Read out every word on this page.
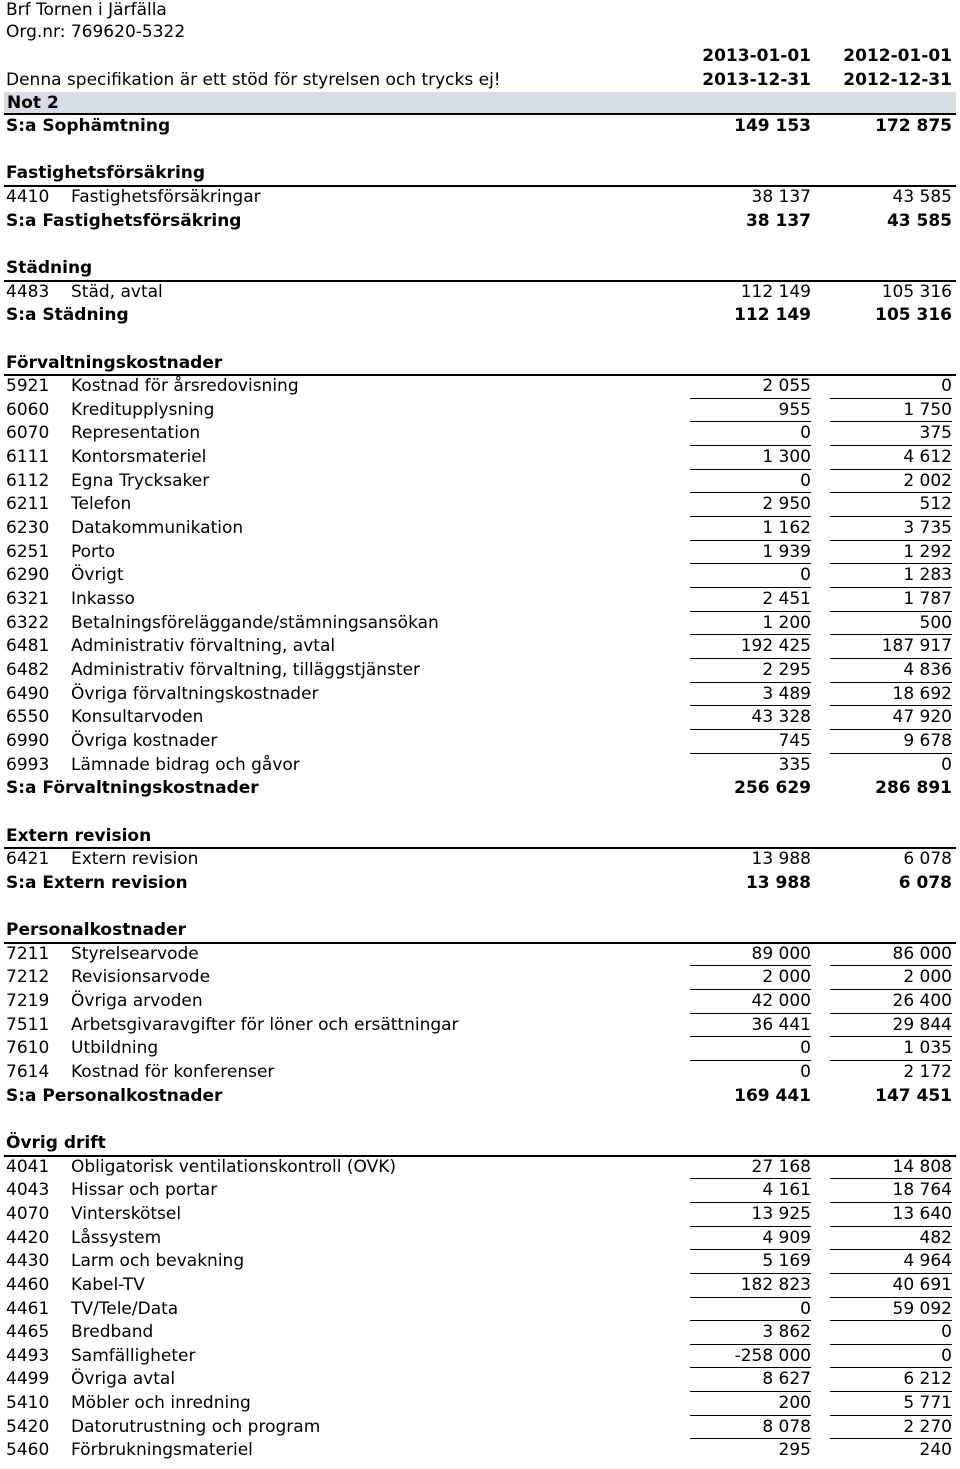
Brf Tornen i Järfälla
Org.nr: 769620-5322
2013-01-01 2012-01-01
Denna specifikation är ett stöd för styrelsen och trycks ej!	2013-12-31 2012-12-31
Not 2
S:a Sophämtning	149 153	172 875
Fastighetsförsäkring
4410 Fastighetsförsäkringar	38 137	43 585
S:a Fastighetsförsäkring	38 137	43 585
Städning
4483 Städ, avtal	112 149	105 316
S:a Städning	112 149	105 316
Förvaltningskostnader
5921 Kostnad för årsredovisning	2 055	0
6060 Kreditupplysning	955	1 750
6070 Representation	0	375
6111 Kontorsmateriel	1 300	4 612
6112 Egna Trycksaker	0	2 002
6211 Telefon	2 950	512
6230 Datakommunikation	1 162	3 735
6251 Porto	1 939	1 292
6290 Övrigt	0	1 283
6321 Inkasso	2 451	1 787
6322 Betalningsföreläggande/stämningsansökan	1 200	500
6481 Administrativ förvaltning, avtal	192 425	187 917
6482 Administrativ förvaltning, tilläggstjänster	2 295	4 836
6490 Övriga förvaltningskostnader	3 489	18 692
6550 Konsultarvoden	43 328	47 920
6990 Övriga kostnader	745	9 678
6993 Lämnade bidrag och gåvor	335	0
S:a Förvaltningskostnader	256 629	286 891
Extern revision
6421 Extern revision	13 988	6 078
S:a Extern revision	13 988	6 078
Personalkostnader
7211 Styrelsearvode	89 000	86 000
7212 Revisionsarvode	2 000	2 000
7219 Övriga arvoden	42 000	26 400
7511 Arbetsgivaravgifter för löner och ersättningar	36 441	29 844
7610 Utbildning	0	1 035
7614 Kostnad för konferenser	0	2 172
S:a Personalkostnader	169 441	147 451
Övrig drift
4041 Obligatorisk ventilationskontroll (OVK)	27 168	14 808
4043 Hissar och portar	4 161	18 764
4070 Vinterskötsel	13 925	13 640
4420 Låssystem	4 909	482
4430 Larm och bevakning	5 169	4 964
4460 Kabel-TV	182 823	40 691
4461 TV/Tele/Data	0	59 092
4465 Bredband	3 862	0
4493 Samfälligheter	-258 000	0
4499 Övriga avtal	8 627	6 212
5410 Möbler och inredning	200	5 771
5420 Datorutrustning och program	8 078	2 270
5460 Förbrukningsmateriel	295	240
